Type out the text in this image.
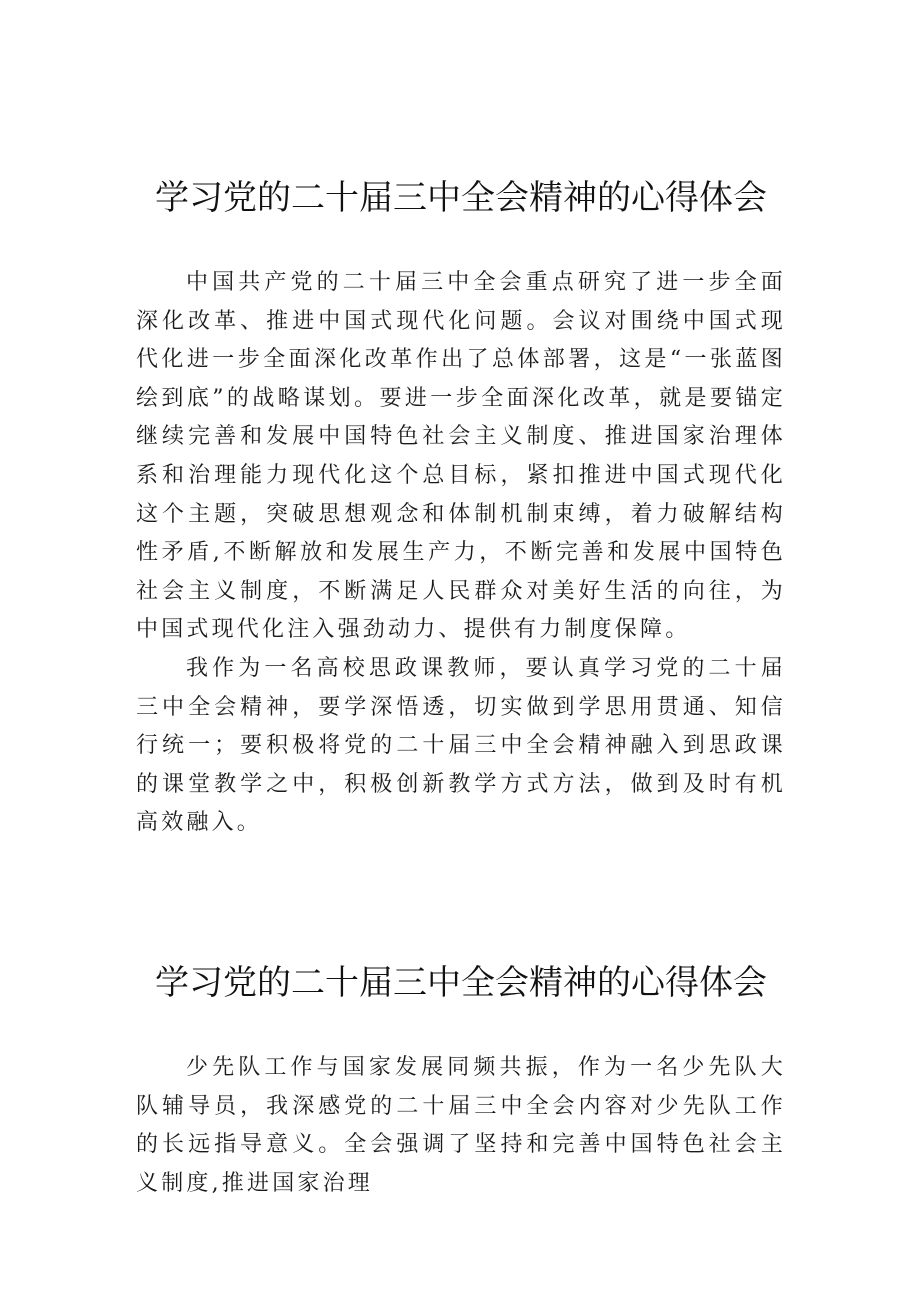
学习党的二十届三中全会精神的心得体会

中国共产党的二十届三中全会重点研究了进一步全面深化改革、推进中国式现代化问题。会议对围绕中国式现代化进一步全面深化改革作出了总体部署，这是“一张蓝图绘到底”的战略谋划。要进一步全面深化改革，就是要锚定继续完善和发展中国特色社会主义制度、推进国家治理体系和治理能力现代化这个总目标，紧扣推进中国式现代化这个主题，突破思想观念和体制机制束缚，着力破解结构性矛盾,不断解放和发展生产力，不断完善和发展中国特色社会主义制度，不断满足人民群众对美好生活的向往，为中国式现代化注入强劲动力、提供有力制度保障。

我作为一名高校思政课教师，要认真学习党的二十届三中全会精神，要学深悟透，切实做到学思用贯通、知信行统一；要积极将党的二十届三中全会精神融入到思政课的课堂教学之中，积极创新教学方式方法，做到及时有机高效融入。

学习党的二十届三中全会精神的心得体会

少先队工作与国家发展同频共振，作为一名少先队大队辅导员，我深感党的二十届三中全会内容对少先队工作的长远指导意义。全会强调了坚持和完善中国特色社会主义制度,推进国家治理
